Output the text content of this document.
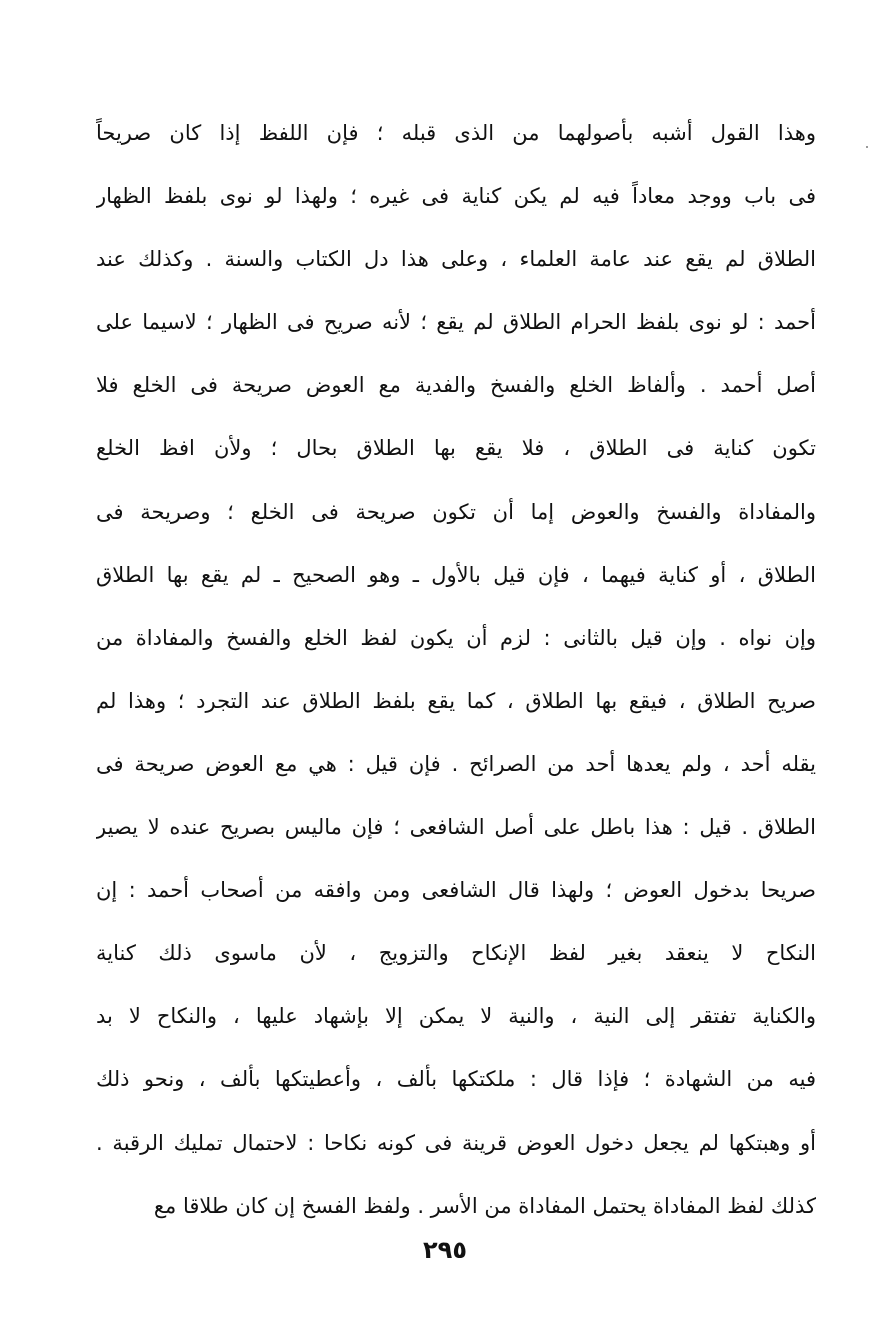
وهذا القول أشبه بأصولهما من الذى قبله ؛ فإن اللفظ إذا كان صريحاً
فى باب ووجد معاداً فيه لم يكن كناية فى غيره ؛ ولهذا لو نوى بلفظ الظهار
الطلاق لم يقع عند عامة العلماء ، وعلى هذا دل الكتاب والسنة . وكذلك عند
أحمد : لو نوى بلفظ الحرام الطلاق لم يقع ؛ لأنه صريح فى الظهار ؛ لاسيما على
أصل أحمد . وألفاظ الخلع والفسخ والفدية مع العوض صريحة فى الخلع فلا
تكون كناية فى الطلاق ، فلا يقع بها الطلاق بحال ؛ ولأن افظ الخلع
والمفاداة والفسخ والعوض إما أن تكون صريحة فى الخلع ؛ وصريحة فى
الطلاق ، أو كناية فيهما ، فإن قيل بالأول ـ وهو الصحيح ـ لم يقع بها الطلاق
وإن نواه . وإن قيل بالثانى : لزم أن يكون لفظ الخلع والفسخ والمفاداة من
صريح الطلاق ، فيقع بها الطلاق ، كما يقع بلفظ الطلاق عند التجرد ؛ وهذا لم
يقله أحد ، ولم يعدها أحد من الصرائح . فإن قيل : هي مع العوض صريحة فى
الطلاق . قيل : هذا باطل على أصل الشافعى ؛ فإن ماليس بصريح عنده لا يصير
صريحا بدخول العوض ؛ ولهذا قال الشافعى ومن وافقه من أصحاب أحمد : إن
النكاح لا ينعقد بغير لفظ الإنكاح والتزويج ، لأن ماسوى ذلك كناية
والكناية تفتقر إلى النية ، والنية لا يمكن إلا بإشهاد عليها ، والنكاح لا بد
فيه من الشهادة ؛ فإذا قال : ملكتكها بألف ، وأعطيتكها بألف ، ونحو ذلك
أو وهبتكها لم يجعل دخول العوض قرينة فى كونه نكاحا : لاحتمال تمليك الرقبة .
كذلك لفظ المفاداة يحتمل المفاداة من الأسر . ولفظ الفسخ إن كان طلاقا مع
٢٩٥
